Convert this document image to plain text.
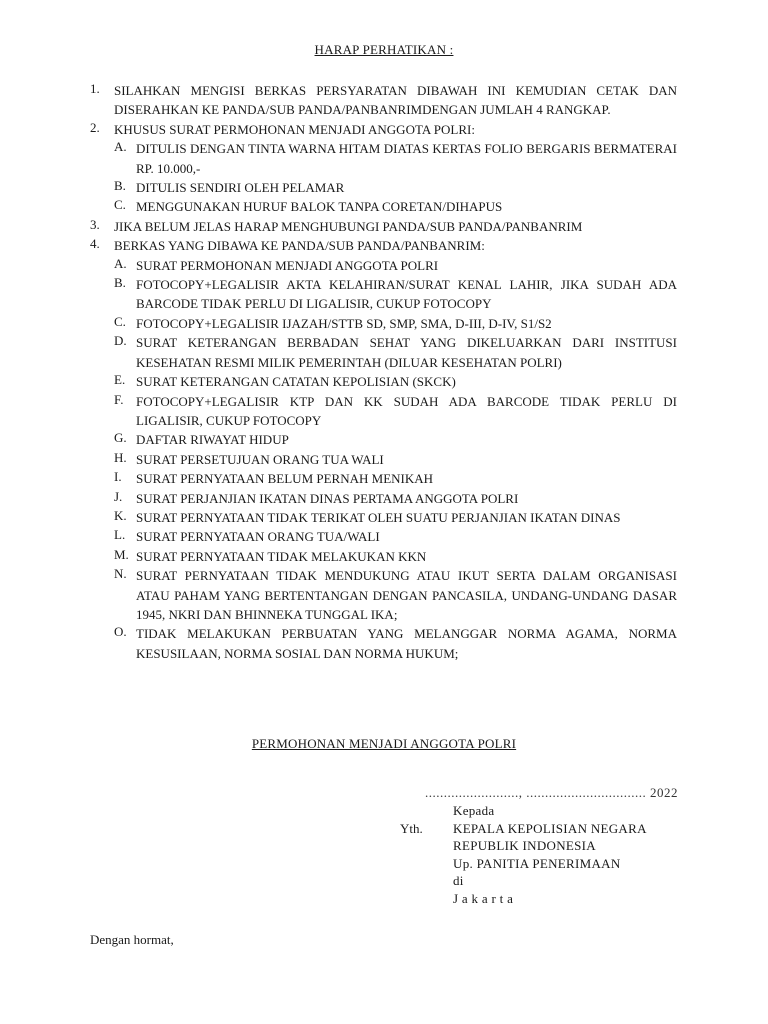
HARAP PERHATIKAN :
1. SILAHKAN MENGISI BERKAS PERSYARATAN DIBAWAH INI KEMUDIAN CETAK DAN DISERAHKAN KE PANDA/SUB PANDA/PANBANRIMDENGAN JUMLAH 4 RANGKAP.
2. KHUSUS SURAT PERMOHONAN MENJADI ANGGOTA POLRI:
A. DITULIS DENGAN TINTA WARNA HITAM DIATAS KERTAS FOLIO BERGARIS BERMATERAI RP. 10.000,-
B. DITULIS SENDIRI OLEH PELAMAR
C. MENGGUNAKAN HURUF BALOK TANPA CORETAN/DIHAPUS
3. JIKA BELUM JELAS HARAP MENGHUBUNGI PANDA/SUB PANDA/PANBANRIM
4. BERKAS YANG DIBAWA KE PANDA/SUB PANDA/PANBANRIM:
A. SURAT PERMOHONAN MENJADI ANGGOTA POLRI
B. FOTOCOPY+LEGALISIR AKTA KELAHIRAN/SURAT KENAL LAHIR, JIKA SUDAH ADA BARCODE TIDAK PERLU DI LIGALISIR, CUKUP FOTOCOPY
C. FOTOCOPY+LEGALISIR IJAZAH/STTB SD, SMP, SMA, D-III, D-IV, S1/S2
D. SURAT KETERANGAN BERBADAN SEHAT YANG DIKELUARKAN DARI INSTITUSI KESEHATAN RESMI MILIK PEMERINTAH (DILUAR KESEHATAN POLRI)
E. SURAT KETERANGAN CATATAN KEPOLISIAN (SKCK)
F. FOTOCOPY+LEGALISIR KTP DAN KK SUDAH ADA BARCODE TIDAK PERLU DI LIGALISIR, CUKUP FOTOCOPY
G. DAFTAR RIWAYAT HIDUP
H. SURAT PERSETUJUAN ORANG TUA WALI
I. SURAT PERNYATAAN BELUM PERNAH MENIKAH
J. SURAT PERJANJIAN IKATAN DINAS PERTAMA ANGGOTA POLRI
K. SURAT PERNYATAAN TIDAK TERIKAT OLEH SUATU PERJANJIAN IKATAN DINAS
L. SURAT PERNYATAAN ORANG TUA/WALI
M. SURAT PERNYATAAN TIDAK MELAKUKAN KKN
N. SURAT PERNYATAAN TIDAK MENDUKUNG ATAU IKUT SERTA DALAM ORGANISASI ATAU PAHAM YANG BERTENTANGAN DENGAN PANCASILA, UNDANG-UNDANG DASAR 1945, NKRI DAN BHINNEKA TUNGGAL IKA;
O. TIDAK MELAKUKAN PERBUATAN YANG MELANGGAR NORMA AGAMA, NORMA KESUSILAAN, NORMA SOSIAL DAN NORMA HUKUM;
PERMOHONAN MENJADI ANGGOTA POLRI
........................., ................................ 2022
Kepada
Yth.	KEPALA KEPOLISIAN NEGARA
REPUBLIK INDONESIA
Up. PANITIA PENERIMAAN
di
J a k a r t a
Dengan hormat,
